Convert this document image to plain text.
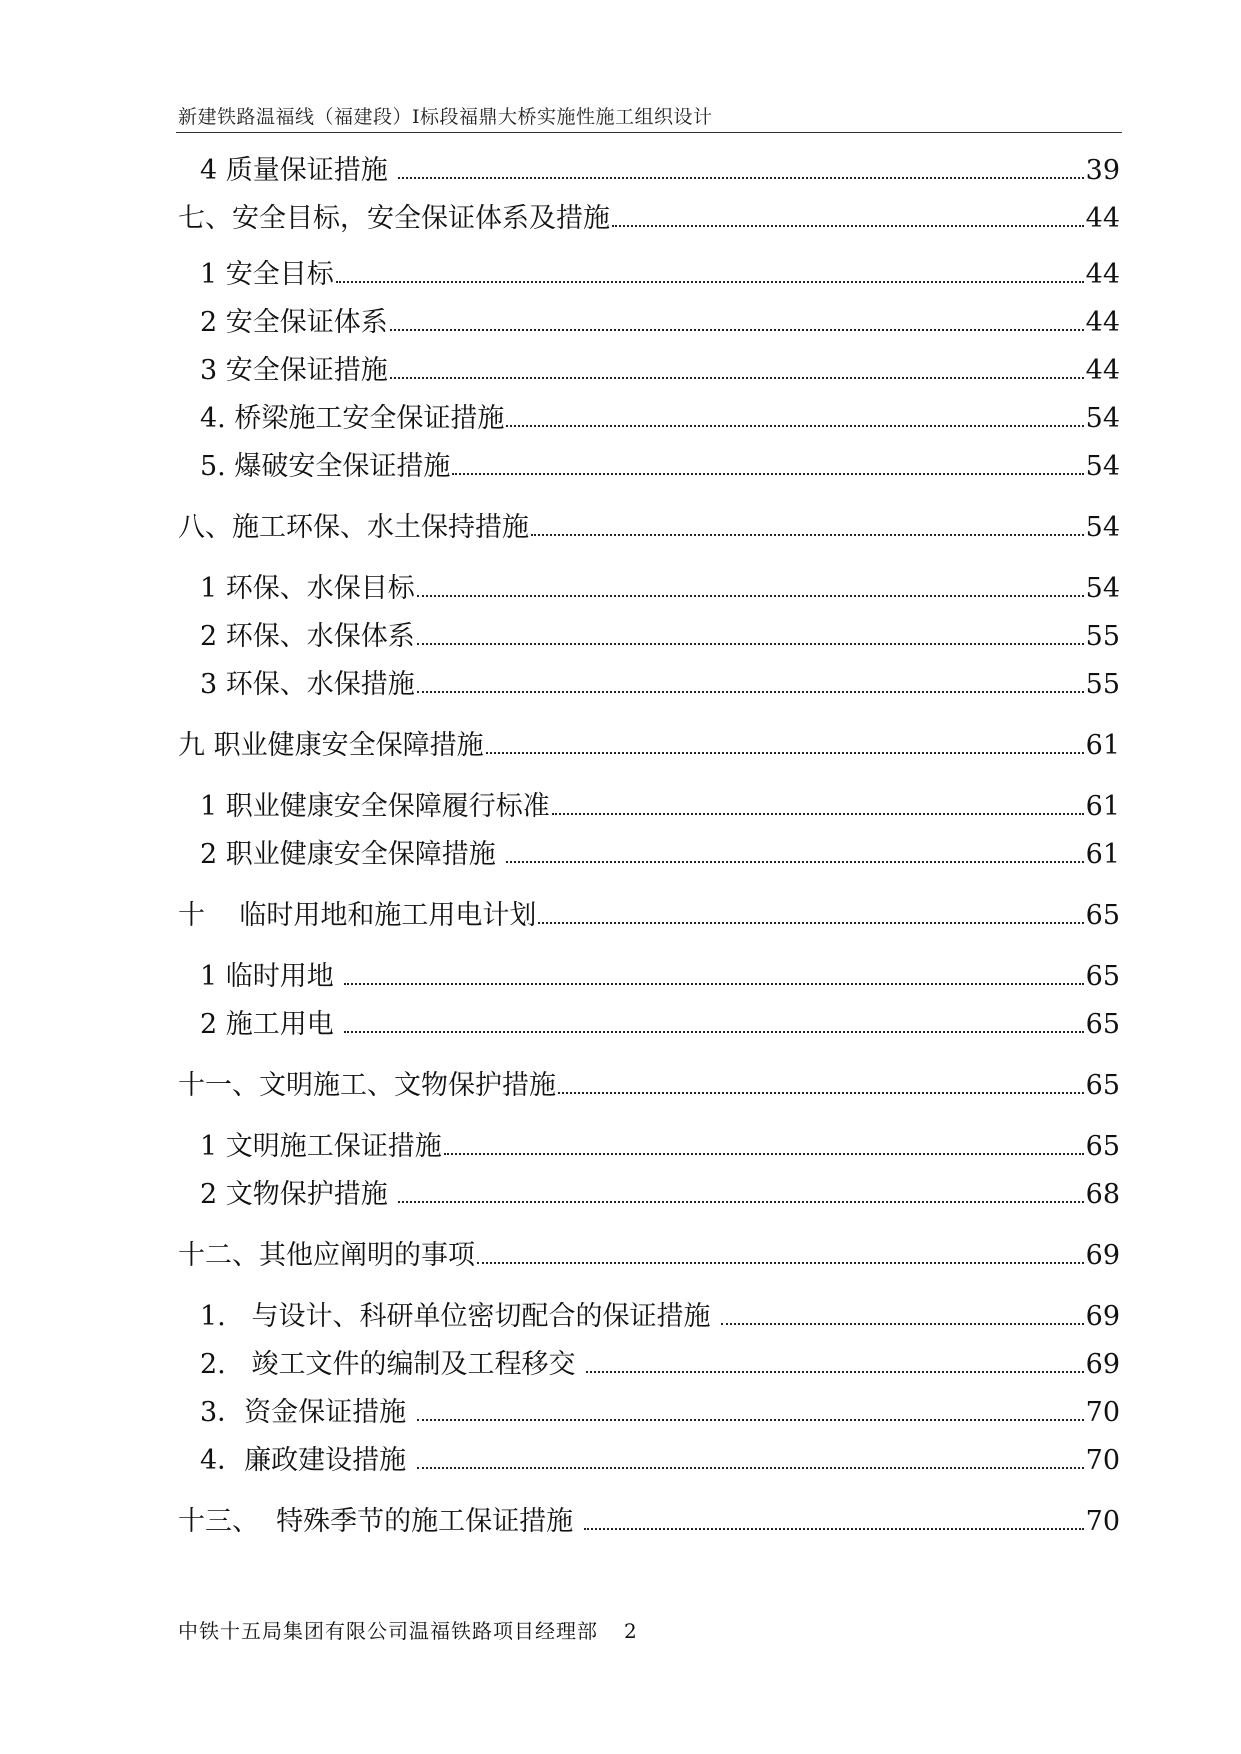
新建铁路温福线（福建段）Ⅰ标段福鼎大桥实施性施工组织设计
4 质量保证措施	39
七、安全目标，安全保证体系及措施	44
1 安全目标	44
2 安全保证体系	44
3 安全保证措施	44
4. 桥梁施工安全保证措施	54
5. 爆破安全保证措施	54
八、施工环保、水土保持措施	54
1 环保、水保目标	54
2 环保、水保体系	55
3 环保、水保措施	55
九 职业健康安全保障措施	61
1 职业健康安全保障履行标准	61
2 职业健康安全保障措施	61
十    临时用地和施工用电计划	65
1 临时用地	65
2 施工用电	65
十一、文明施工、文物保护措施	65
1 文明施工保证措施	65
2 文物保护措施	68
十二、其他应阐明的事项	69
1.   与设计、科研单位密切配合的保证措施	69
2.   竣工文件的编制及工程移交	69
3．资金保证措施	70
4．廉政建设措施	70
十三、  特殊季节的施工保证措施	70
中铁十五局集团有限公司温福铁路项目经理部 2
